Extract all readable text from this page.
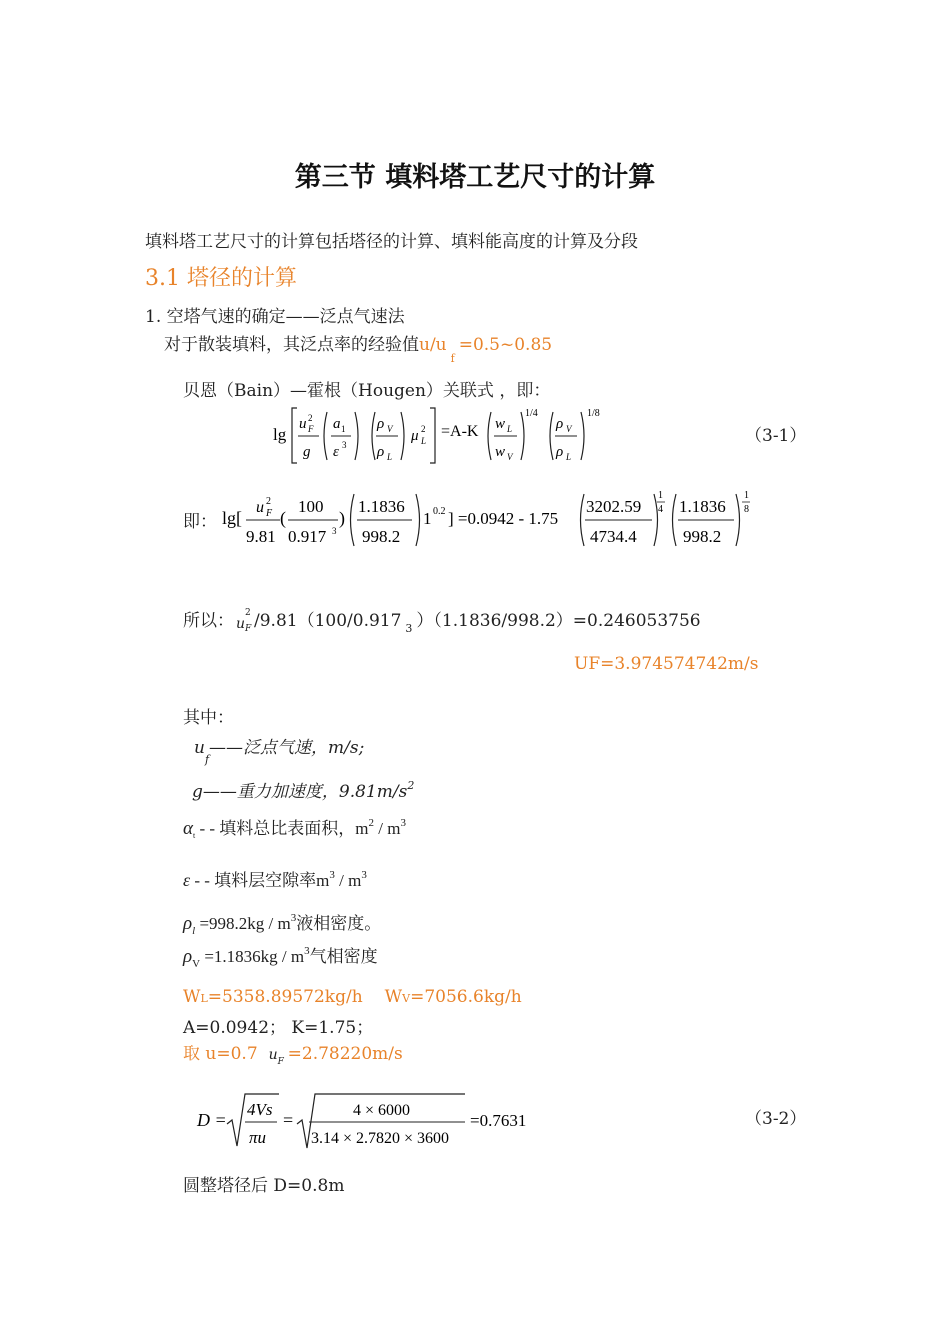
第三节 填料塔工艺尺寸的计算
填料塔工艺尺寸的计算包括塔径的计算、填料能高度的计算及分段
3.1 塔径的计算
1. 空塔气速的确定——泛点气速法
对于散装填料，其泛点率的经验值$u/u_f=0.5\sim 0.85$
贝恩（Bain）—霍根（Hougen）关联式 ，即：
lg
u 2
F
g
a 1
ε 3
ρ V
ρ L
μ 2
L
=A-K w L
w V
1/4
ρ V
ρ L
1/8
（3-1）
即： lg[
u 2
F
9.81
(
100
0.917 3
)
1.1836
998.2
1 0.2 ] =0.0942 - 1.75
3202.59
4734.4
1
4 1.1836
998.2
1
8
所以： u
2
F /9.81（100/0.917 $_3$ ）（1.1836/998.2）=0.246053756
UF=3.974574742m/s
其中：
$u_f——$泛点气速，m/s;
g——重力加速度，$9.81m/s^2$
$\alpha_t$ - - 填料总比表面积，$m^2 / m^3$
ε - - 填料层空隙率$m^3 / m^3$
$\rho_l =998.2kg / m^3$液相密度。
$\rho_V =1.1836kg / m^3$气相密度
WL=5358.89572kg/h WV=7056.6kg/h
A=0.0942； K=1.75；
取 u=0.7 u F =2.78220m/s
D =
4Vs
πu
=	4 × 6000
3.14 × 2.7820 × 3600
=0.7631	（3-2）
圆整塔径后 D=0.8m
